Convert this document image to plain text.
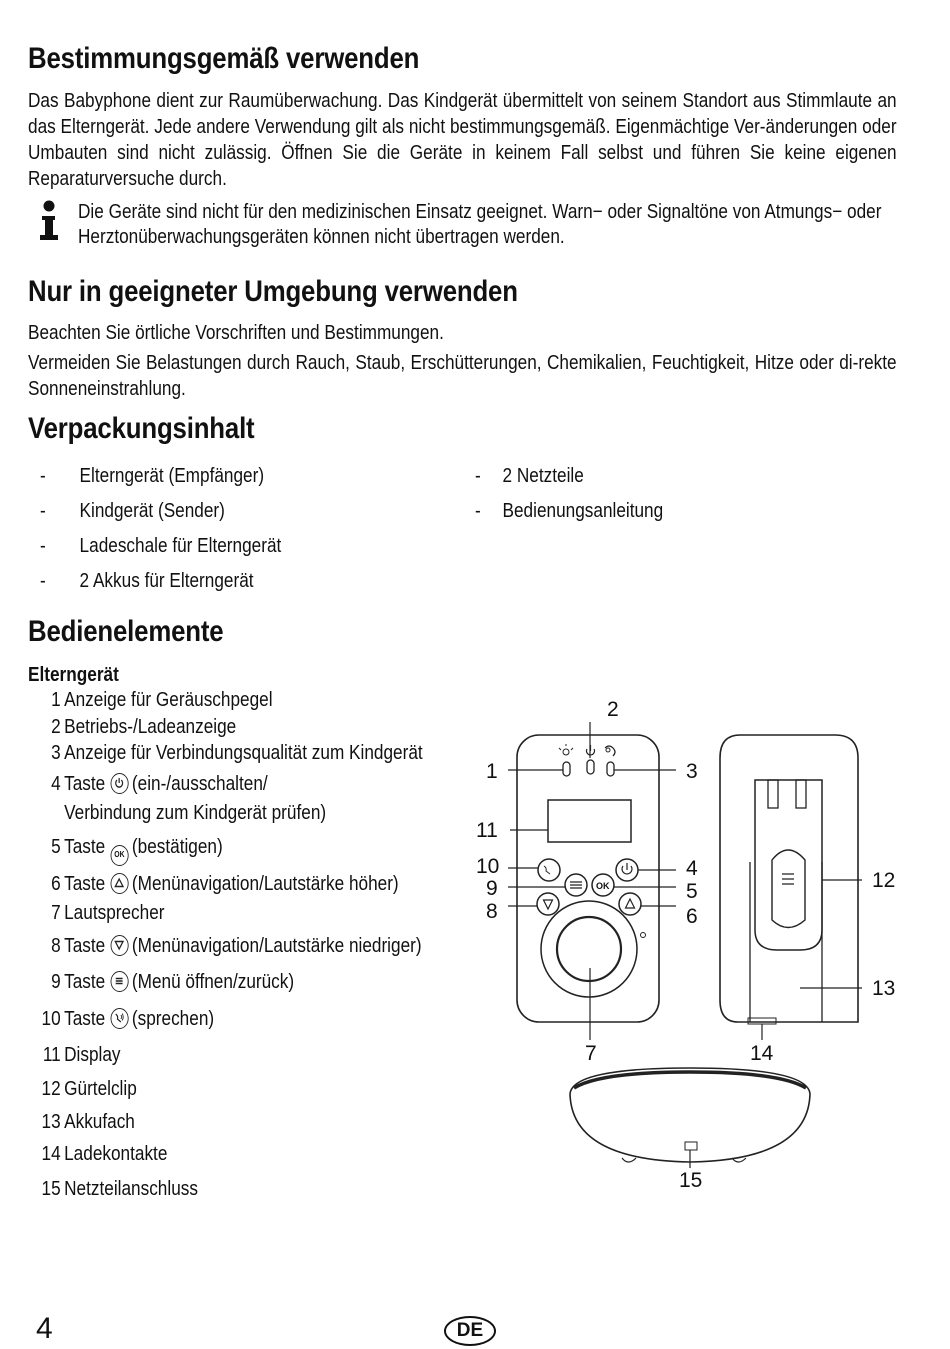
Bestimmungsgemäß verwenden

Das Babyphone dient zur Raumüberwachung. Das Kindgerät übermittelt von seinem Standort aus Stimmlaute an das Elterngerät. Jede andere Verwendung gilt als nicht bestimmungsgemäß. Eigenmächtige Ver-änderungen oder Umbauten sind nicht zulässig. Öffnen Sie die Geräte in keinem Fall selbst und führen Sie keine eigenen Reparaturversuche durch.

Die Geräte sind nicht für den medizinischen Einsatz geeignet. Warn− oder Signaltöne von Atmungs− oder Herztonüberwachungsgeräten können nicht übertragen werden.

Nur in geeigneter Umgebung verwenden

Beachten Sie örtliche Vorschriften und Bestimmungen.

Vermeiden Sie Belastungen durch Rauch, Staub, Erschütterungen, Chemikalien, Feuchtigkeit, Hitze oder di-rekte Sonneneinstrahlung.

Verpackungsinhalt
- Elterngerät (Empfänger)
- Kindgerät (Sender)
- Ladeschale für Elterngerät
- 2 Akkus für Elterngerät
- 2 Netzteile
- Bedienungsanleitung
Bedienelemente
Elterngerät
1 Anzeige für Geräuschpegel
2 Betriebs-/Ladeanzeige
3 Anzeige für Verbindungsqualität zum Kindgerät
4 Taste (ein-/ausschalten/
Verbindung zum Kindgerät prüfen)
5 Taste OK (bestätigen)
6 Taste (Menünavigation/Lautstärke höher)
7 Lautsprecher
8 Taste (Menünavigation/Lautstärke niedriger)
9 Taste (Menü öffnen/zurück)
10 Taste (sprechen)
11 Display
12 Gürtelclip
13 Akkufach
14 Ladekontakte
15 Netzteilanschluss
OK
1
2
3
4
5
6
7
8
9
10
11
12
13
14
15
4	DE
